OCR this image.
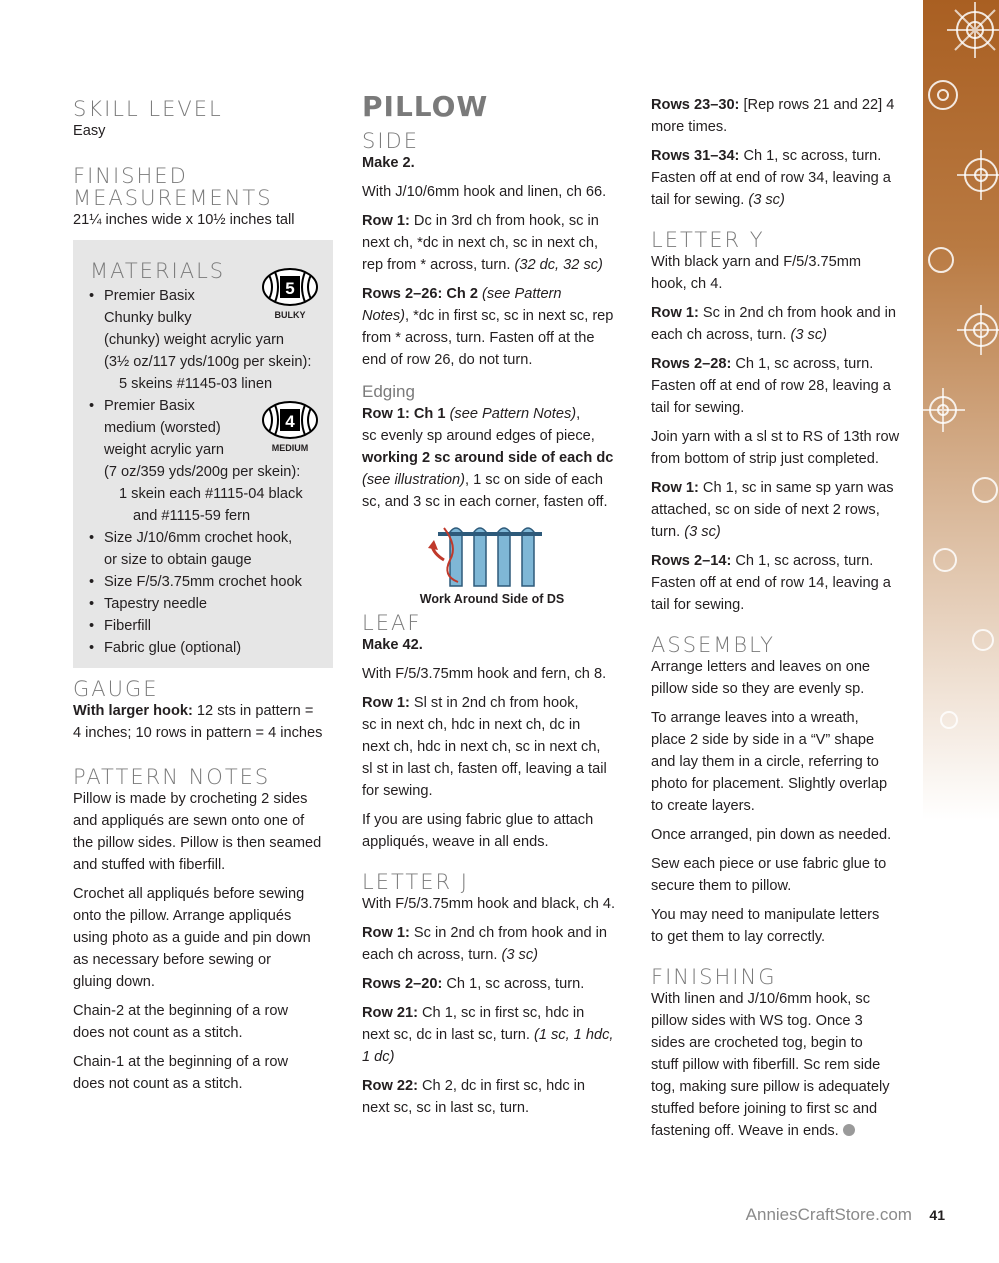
SKILL LEVEL

Easy

FINISHED

MEASUREMENTS

21¼ inches wide x 10½ inches tall

MATERIALS

5
BULKY
4
MEDIUM
• Premier Basix
Chunky bulky
(chunky) weight acrylic yarn
(3½ oz/117 yds/100g per skein):
5 skeins #1145-03 linen
• Premier Basix
medium (worsted)
weight acrylic yarn
(7 oz/359 yds/200g per skein):
1 skein each #1115-04 black
and #1115-59 fern
• Size J/10/6mm crochet hook,
or size to obtain gauge
• Size F/5/3.75mm crochet hook
• Tapestry needle
• Fiberfill
• Fabric glue (optional)

GAUGE

With larger hook: 12 sts in pattern =
4 inches; 10 rows in pattern = 4 inches

PATTERN NOTES

Pillow is made by crocheting 2 sides
and appliqués are sewn onto one of
the pillow sides. Pillow is then seamed
and stuffed with fiberfill.

Crochet all appliqués before sewing
onto the pillow. Arrange appliqués
using photo as a guide and pin down
as necessary before sewing or
gluing down.

Chain-2 at the beginning of a row
does not count as a stitch.

Chain-1 at the beginning of a row
does not count as a stitch.

PILLOW

SIDE

Make 2.

With J/10/6mm hook and linen, ch 66.

Row 1: Dc in 3rd ch from hook, sc in
next ch, *dc in next ch, sc in next ch,
rep from * across, turn. (32 dc, 32 sc)

Rows 2–26: Ch 2 (see Pattern
Notes), *dc in first sc, sc in next sc, rep
from * across, turn. Fasten off at the
end of row 26, do not turn.

Edging

Row 1: Ch 1 (see Pattern Notes),
sc evenly sp around edges of piece,
working 2 sc around side of each dc
(see illustration), 1 sc on side of each
sc, and 3 sc in each corner, fasten off.

Work Around Side of DS

LEAF

Make 42.

With F/5/3.75mm hook and fern, ch 8.

Row 1: Sl st in 2nd ch from hook,
sc in next ch, hdc in next ch, dc in
next ch, hdc in next ch, sc in next ch,
sl st in last ch, fasten off, leaving a tail
for sewing.

If you are using fabric glue to attach
appliqués, weave in all ends.

LETTER J

With F/5/3.75mm hook and black, ch 4.

Row 1: Sc in 2nd ch from hook and in
each ch across, turn. (3 sc)

Rows 2–20: Ch 1, sc across, turn.

Row 21: Ch 1, sc in first sc, hdc in
next sc, dc in last sc, turn. (1 sc, 1 hdc,
1 dc)

Row 22: Ch 2, dc in first sc, hdc in
next sc, sc in last sc, turn.

Rows 23–30: [Rep rows 21 and 22] 4
more times.

Rows 31–34: Ch 1, sc across, turn.
Fasten off at end of row 34, leaving a
tail for sewing. (3 sc)

LETTER Y

With black yarn and F/5/3.75mm
hook, ch 4.

Row 1: Sc in 2nd ch from hook and in
each ch across, turn. (3 sc)

Rows 2–28: Ch 1, sc across, turn.
Fasten off at end of row 28, leaving a
tail for sewing.

Join yarn with a sl st to RS of 13th row
from bottom of strip just completed.

Row 1: Ch 1, sc in same sp yarn was
attached, sc on side of next 2 rows,
turn. (3 sc)

Rows 2–14: Ch 1, sc across, turn.
Fasten off at end of row 14, leaving a
tail for sewing.

ASSEMBLY

Arrange letters and leaves on one
pillow side so they are evenly sp.

To arrange leaves into a wreath,
place 2 side by side in a “V” shape
and lay them in a circle, referring to
photo for placement. Slightly overlap
to create layers.

Once arranged, pin down as needed.

Sew each piece or use fabric glue to
secure them to pillow.

You may need to manipulate letters
to get them to lay correctly.

FINISHING

With linen and J/10/6mm hook, sc
pillow sides with WS tog. Once 3
sides are crocheted tog, begin to
stuff pillow with fiberfill. Sc rem side
tog, making sure pillow is adequately
stuffed before joining to first sc and
fastening off. Weave in ends.

AnniesCraftStore.com 41
